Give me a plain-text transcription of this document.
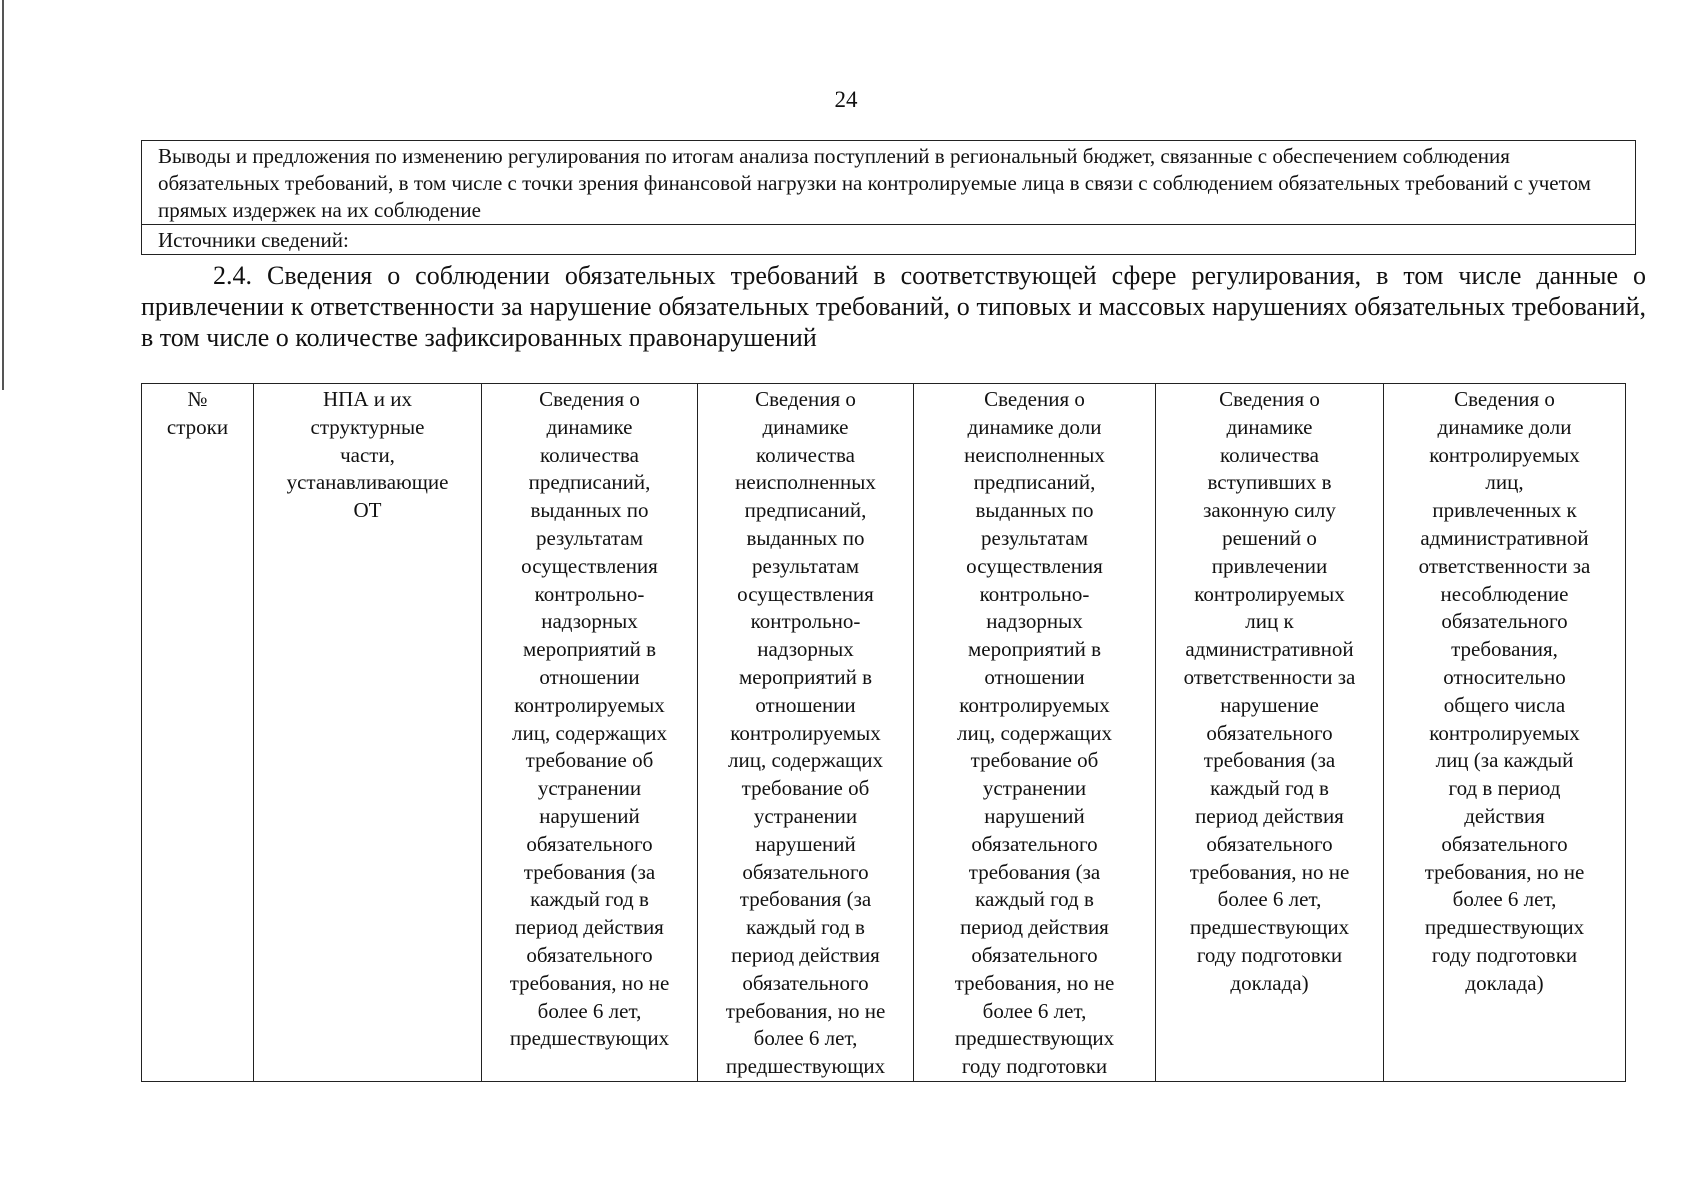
24
Выводы и предложения по изменению регулирования по итогам анализа поступлений в региональный бюджет, связанные с обеспечением соблюдения обязательных требований, в том числе с точки зрения финансовой нагрузки на контролируемые лица в связи с соблюдением обязательных требований с учетом прямых издержек на их соблюдение
Источники сведений:

2.4. Сведения о соблюдении обязательных требований в соответствующей сфере регулирования, в том числе данные о привлечении к ответственности за нарушение обязательных требований, о типовых и массовых нарушениях обязательных требований, в том числе о количестве зафиксированных правонарушений

№
строки

НПА и их
структурные
части,
устанавливающие
ОТ

Сведения о
динамике
количества
предписаний,
выданных по
результатам
осуществления
контрольно-
надзорных
мероприятий в
отношении
контролируемых
лиц, содержащих
требование об
устранении
нарушений
обязательного
требования (за
каждый год в
период действия
обязательного
требования, но не
более 6 лет,
предшествующих

Сведения о
динамике
количества
неисполненных
предписаний,
выданных по
результатам
осуществления
контрольно-
надзорных
мероприятий в
отношении
контролируемых
лиц, содержащих
требование об
устранении
нарушений
обязательного
требования (за
каждый год в
период действия
обязательного
требования, но не
более 6 лет,
предшествующих

Сведения о
динамике доли
неисполненных
предписаний,
выданных по
результатам
осуществления
контрольно-
надзорных
мероприятий в
отношении
контролируемых
лиц, содержащих
требование об
устранении
нарушений
обязательного
требования (за
каждый год в
период действия
обязательного
требования, но не
более 6 лет,
предшествующих
году подготовки

Сведения о
динамике
количества
вступивших в
законную силу
решений о
привлечении
контролируемых
лиц к
административной
ответственности за
нарушение
обязательного
требования (за
каждый год в
период действия
обязательного
требования, но не
более 6 лет,
предшествующих
году подготовки
доклада)

Сведения о
динамике доли
контролируемых
лиц,
привлеченных к
административной
ответственности за
несоблюдение
обязательного
требования,
относительно
общего числа
контролируемых
лиц (за каждый
год в период
действия
обязательного
требования, но не
более 6 лет,
предшествующих
году подготовки
доклада)
